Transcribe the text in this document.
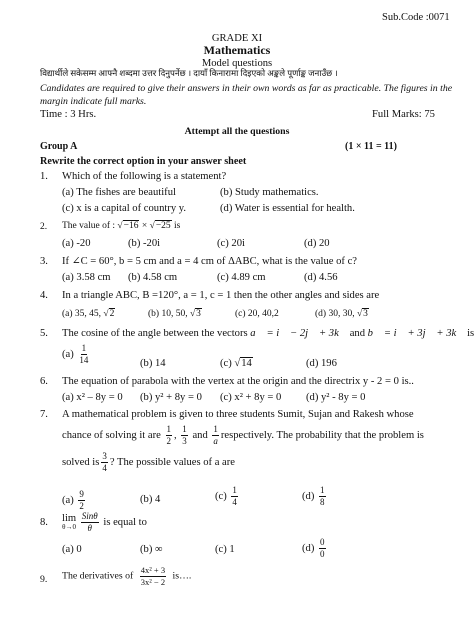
Sub.Code :0071
GRADE XI
Mathematics
Model questions
विद्यार्थीले सकेसम्म आफ्नै शब्दमा उत्तर दिनुपर्नेछ । दायाँ किनारामा दिइएको अङ्कले पूर्णाङ्क जनाउँछ ।
Candidates are required to give their answers in their own words as far as practicable. The figures in the
margin indicate full marks.
Time : 3 Hrs.	Full Marks: 75
Attempt all the questions
Group A	(1 × 11 = 11)
Rewrite the correct option in your answer sheet
1. Which of the following is a statement?
(a) The fishes are beautiful	(b) Study mathematics.
(c) x is a capital of country y.	(d) Water is essential for health.
2. The value of : √−16 × √−25 is
(a) -20	(b) -20i	(c) 20i	(d) 20
3. If ∠C = 60°, b = 5 cm and a = 4 cm of ΔABC, what is the value of c?
(a) 3.58 cm (b) 4.58 cm	(c) 4.89 cm	(d) 4.56
4. In a triangle ABC, B =120°, a = 1, c = 1 then the other angles and sides are
(a) 35, 45, √2	(b) 10, 50, √3	(c) 20, 40,2	(d) 30, 30, √3
5. The cosine of the angle between the vectors a⃗ = i⃗ − 2j⃗ + 3k⃗ and b⃗ = i⃗ + 3j⃗ + 3k⃗ is
$(a) \frac{1}{14}$	(b) 14	(c) √14	(d) 196
6. The equation of parabola with the vertex at the origin and the directrix y - 2 = 0 is..
(a) x² – 8y = 0 (b) y² + 8y = 0 (c) x² + 8y = 0 (d) y² - 8y = 0
7. A mathematical problem is given to three students Sumit, Sujan and Rakesh whose
chance of solving it are $\frac{1}{2}$ , $\frac{1}{3}$ and $\frac{1}{a}$ respectively. The probability that the problem is
solved is $\frac{3}{4}$ ? The possible values of a are
$(a) \frac{9}{2}$	(b) 4	$(c) \frac{1}{4}$	$(d) \frac{1}{8}$
8. lim
θ→0
$\frac{\text{Sinθ}}{\theta}$ is equal to
(a) 0	(b) ∞	(c) 1	$(d) \frac{0}{0}$
9. The derivatives of $\frac{\text{4x² + 3}}{\text{3x² − 2}}$ is….
